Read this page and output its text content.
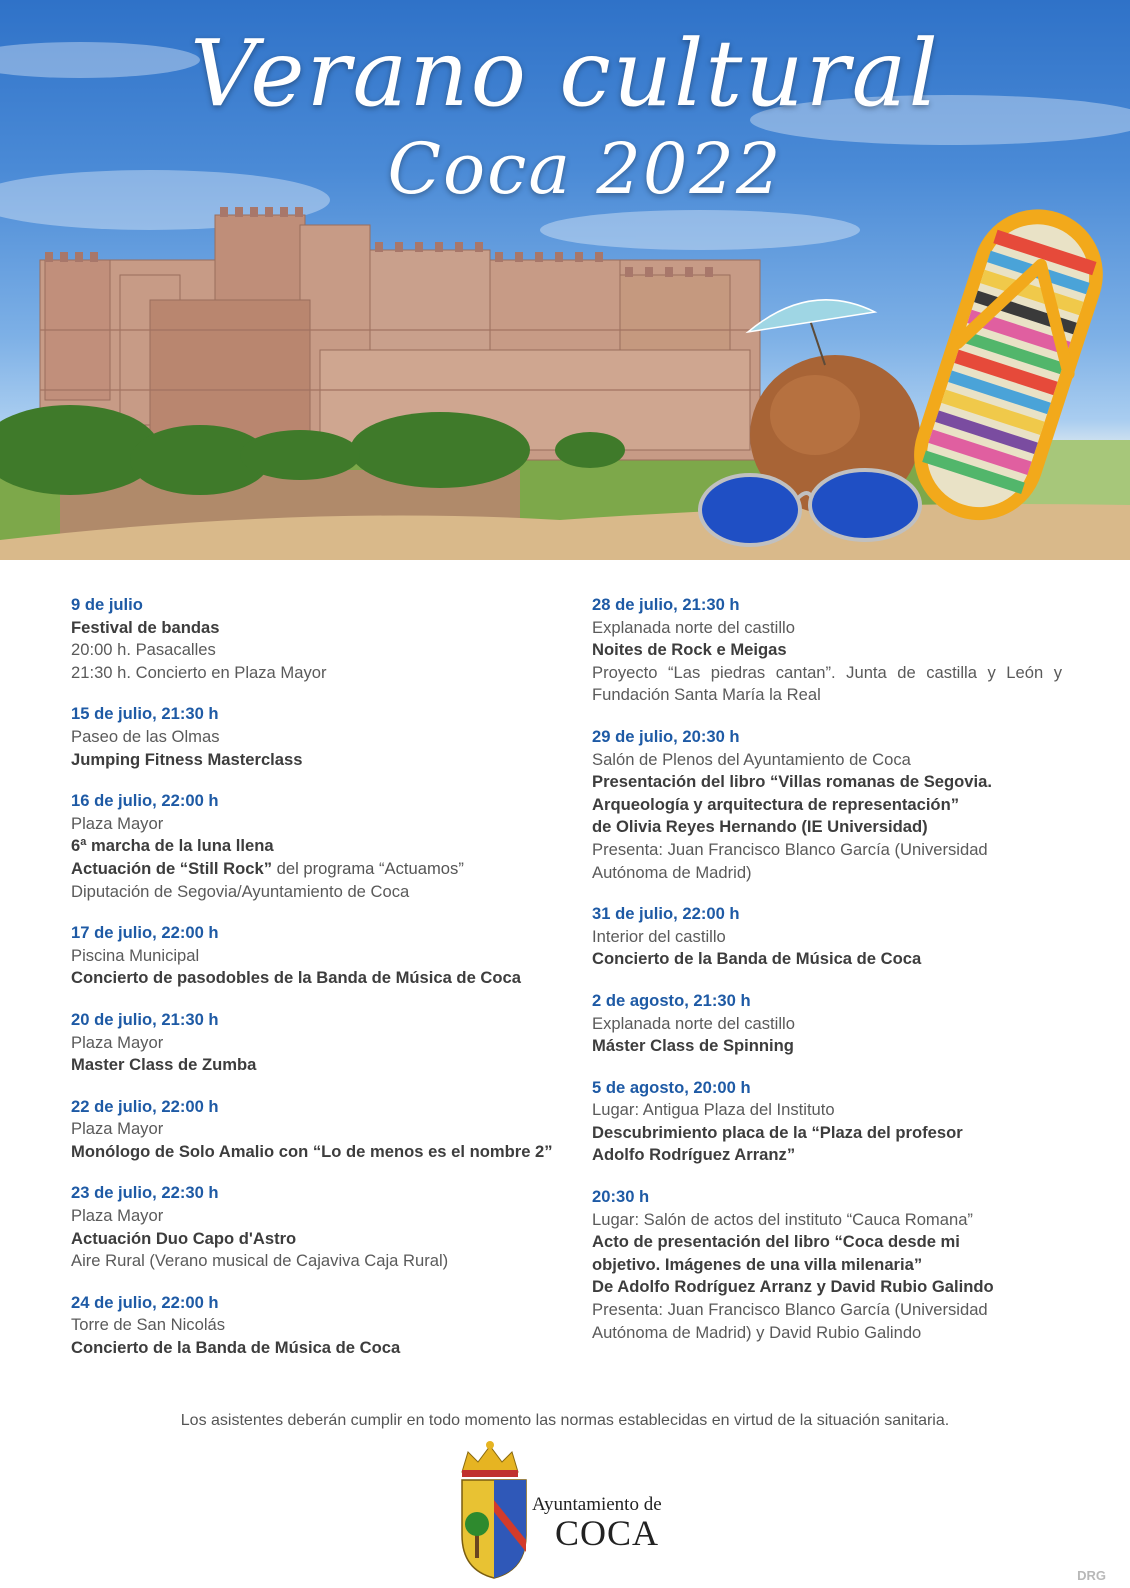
Verano cultural
Coca 2022
9 de julio
Festival de bandas
20:00 h. Pasacalles
21:30 h. Concierto en Plaza Mayor
15 de julio, 21:30 h
Paseo de las Olmas
Jumping Fitness Masterclass
16 de julio, 22:00 h
Plaza Mayor
6ª marcha de la luna llena
Actuación de “Still Rock” del programa “Actuamos”
Diputación de Segovia/Ayuntamiento de Coca
17 de julio, 22:00 h
Piscina Municipal
Concierto de pasodobles de la Banda de Música de Coca
20 de julio, 21:30 h
Plaza Mayor
Master Class de Zumba
22 de julio, 22:00 h
Plaza Mayor
Monólogo de Solo Amalio con “Lo de menos es el nombre 2”
23 de julio, 22:30 h
Plaza Mayor
Actuación Duo Capo d'Astro
Aire Rural (Verano musical de Cajaviva Caja Rural)
24 de julio, 22:00 h
Torre de San Nicolás
Concierto de la Banda de Música de Coca
28 de julio, 21:30 h
Explanada norte del castillo
Noites de Rock e Meigas
Proyecto “Las piedras cantan”. Junta de castilla y León y Fundación Santa María la Real
29 de julio, 20:30 h
Salón de Plenos del Ayuntamiento de Coca
Presentación del libro “Villas romanas de Segovia.
Arqueología y arquitectura de representación”
de Olivia Reyes Hernando (IE Universidad)
Presenta: Juan Francisco Blanco García (Universidad
Autónoma de Madrid)
31 de julio, 22:00 h
Interior del castillo
Concierto de la Banda de Música de Coca
2 de agosto, 21:30 h
Explanada norte del castillo
Máster Class de Spinning
5 de agosto, 20:00 h
Lugar: Antigua Plaza del Instituto
Descubrimiento placa de la “Plaza del profesor
Adolfo Rodríguez Arranz”
20:30 h
Lugar: Salón de actos del instituto “Cauca Romana”
Acto de presentación del libro “Coca desde mi
objetivo. Imágenes de una villa milenaria”
De Adolfo Rodríguez Arranz y David Rubio Galindo
Presenta: Juan Francisco Blanco García (Universidad
Autónoma de Madrid) y David Rubio Galindo
Los asistentes deberán cumplir en todo momento las normas establecidas en virtud de la situación sanitaria.
Ayuntamiento de
COCA
DRG
